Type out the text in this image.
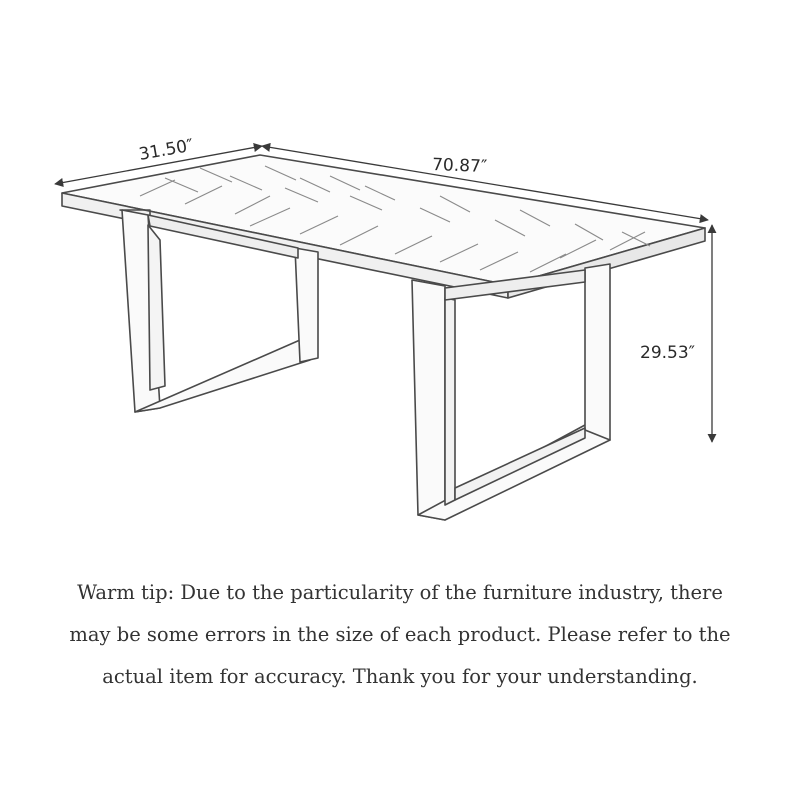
31.50″
70.87″
29.53″

Warm tip: Due to the particularity of the furniture industry, there
may be some errors in the size of each product. Please refer to the
actual item for accuracy. Thank you for your understanding.
